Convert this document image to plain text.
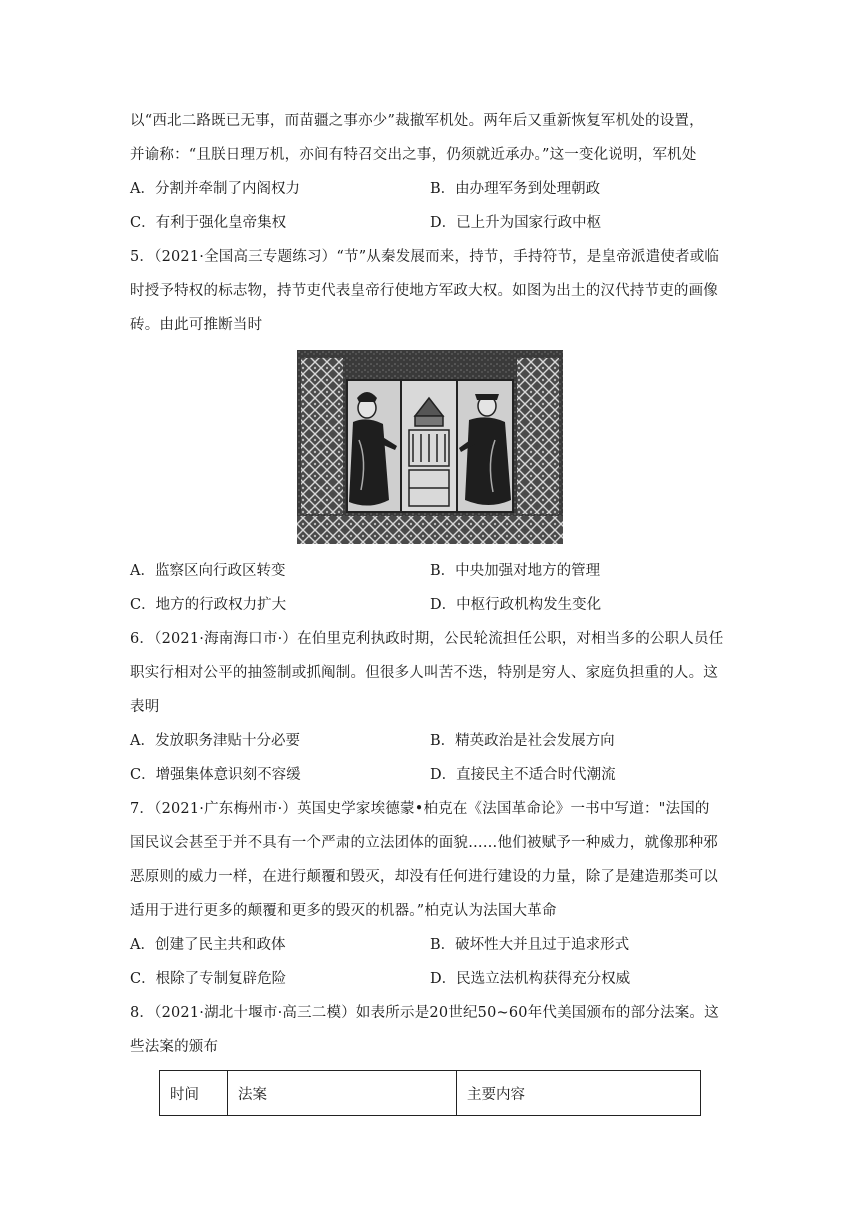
以“西北二路既已无事，而苗疆之事亦少”裁撤军机处。两年后又重新恢复军机处的设置，
并谕称：“且朕日理万机，亦间有特召交出之事，仍须就近承办。”这一变化说明，军机处
A．分割并牵制了内阁权力	B．由办理军务到处理朝政
C．有利于强化皇帝集权	D．已上升为国家行政中枢
5．（2021·全国高三专题练习）“节”从秦发展而来，持节，手持符节，是皇帝派遣使者或临
时授予特权的标志物，持节吏代表皇帝行使地方军政大权。如图为出土的汉代持节吏的画像
砖。由此可推断当时
A．监察区向行政区转变	B．中央加强对地方的管理
C．地方的行政权力扩大	D．中枢行政机构发生变化
6．（2021·海南海口市·）在伯里克利执政时期，公民轮流担任公职，对相当多的公职人员任
职实行相对公平的抽签制或抓阄制。但很多人叫苦不迭，特别是穷人、家庭负担重的人。这
表明
A．发放职务津贴十分必要	B．精英政治是社会发展方向
C．增强集体意识刻不容缓	D．直接民主不适合时代潮流
7．（2021·广东梅州市·）英国史学家埃德蒙•柏克在《法国革命论》一书中写道："法国的
国民议会甚至于并不具有一个严肃的立法团体的面貌……他们被赋予一种威力，就像那种邪
恶原则的威力一样，在进行颠覆和毁灭，却没有任何进行建设的力量，除了是建造那类可以
适用于进行更多的颠覆和更多的毁灭的机器。”柏克认为法国大革命
A．创建了民主共和政体	B．破坏性大并且过于追求形式
C．根除了专制复辟危险	D．民选立法机构获得充分权威
8．（2021·湖北十堰市·高三二模）如表所示是20世纪50~60年代美国颁布的部分法案。这
些法案的颁布
时间	法案	主要内容
